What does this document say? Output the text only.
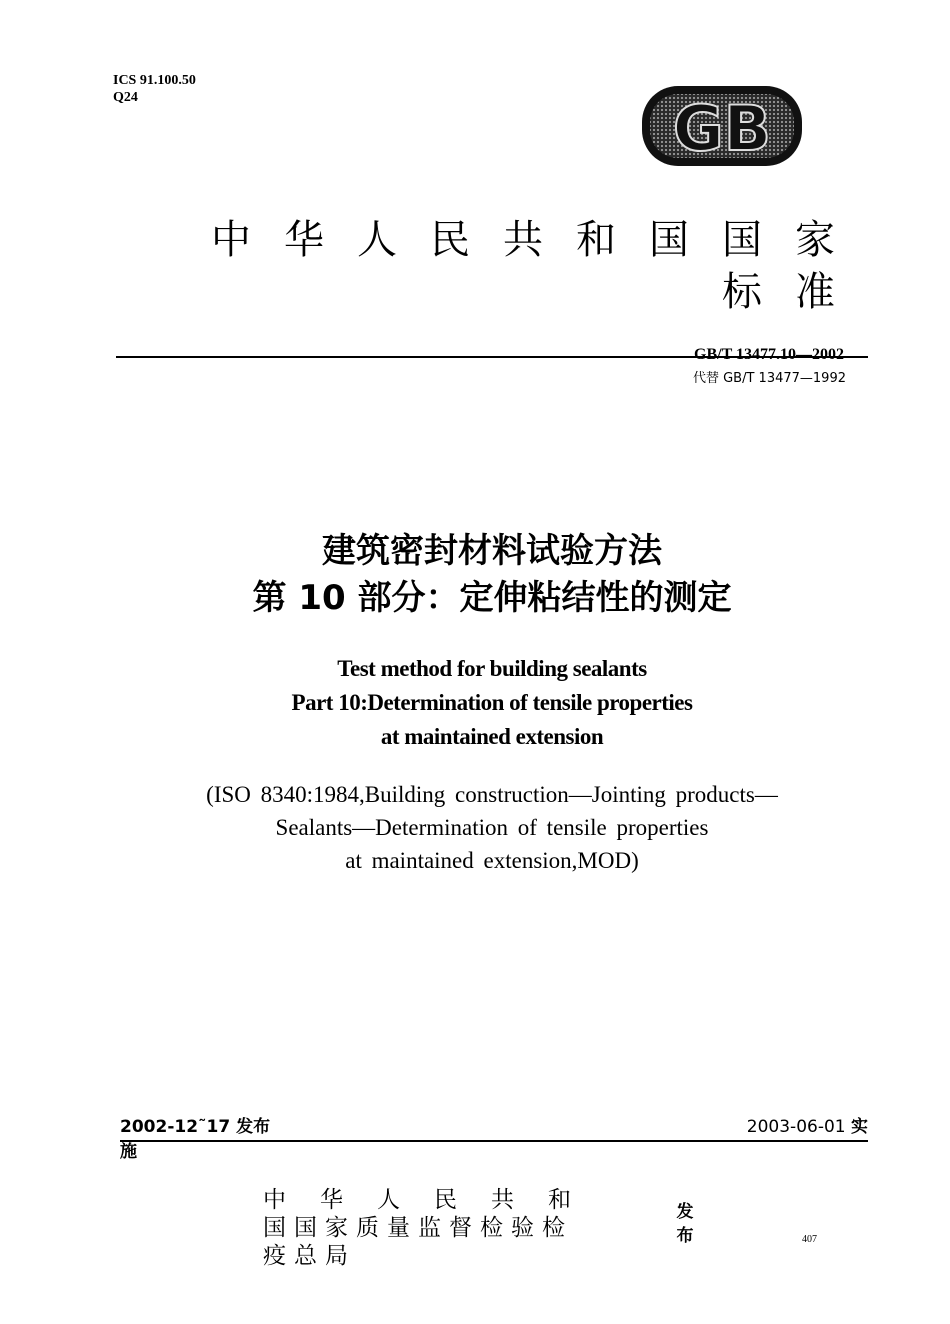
ICS 91.100.50
Q24	GB
中华人民共和国国家标准
GB/T 13477.10—2002
代替 GB/T 13477—1992
建筑密封材料试验方法
第 10 部分：定伸粘结性的测定
Test method for building sealants
Part 10:Determination of tensile properties
at maintained extension
(ISO 8340:1984,Building construction—Jointing products—
Sealants—Determination of tensile properties
at maintained extension,MOD)
2002-12˜17 发布	2003-06-01 实
施
中华人民共和
国国家质量监督检验检
疫总局
发布	407
